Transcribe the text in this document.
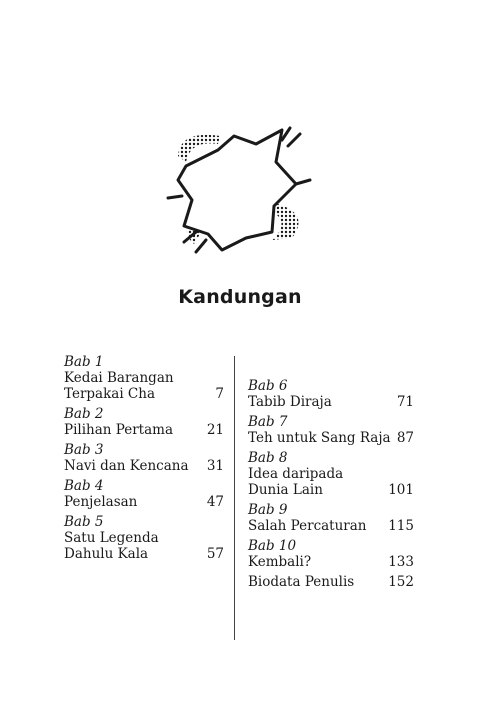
Kandungan
Bab 1
Kedai Barangan Terpakai Cha	7
Bab 2
Pilihan Pertama	21
Bab 3
Navi dan Kencana	31
Bab 4
Penjelasan	47
Bab 5
Satu Legenda Dahulu Kala	57
Bab 6
Tabib Diraja	71
Bab 7
Teh untuk Sang Raja 87
Bab 8
Idea daripada Dunia Lain	101
Bab 9
Salah Percaturan	115
Bab 10
Kembali?	133
Biodata Penulis	152
